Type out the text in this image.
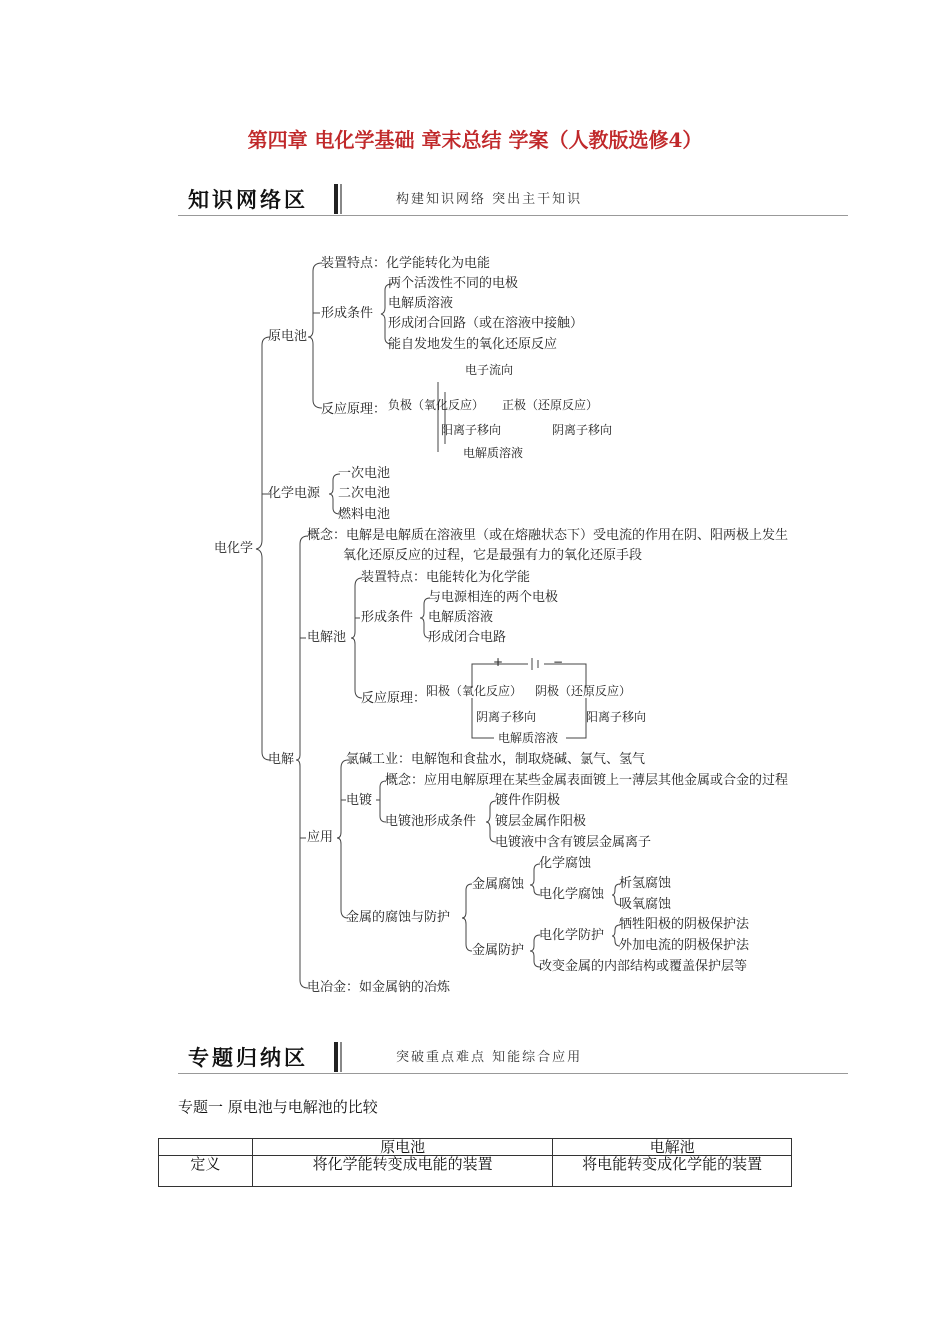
第四章 电化学基础 章末总结 学案（人教版选修4）
知识网络区	构建知识网络 突出主干知识
电化学
原电池
装置特点：化学能转化为电能
形成条件
两个活泼性不同的电极
电解质溶液
形成闭合回路（或在溶液中接触）
能自发地发生的氧化还原反应
反应原理：
电子流向
负极（氧化反应） 正极（还原反应）
阳离子移向	阴离子移向
电解质溶液
化学电源
一次电池
二次电池
燃料电池
电解
概念：电解是电解质在溶液里（或在熔融状态下）受电流的作用在阴、阳两极上发生
氧化还原反应的过程，它是最强有力的氧化还原手段
电解池
装置特点：电能转化为化学能
形成条件
与电源相连的两个电极
电解质溶液
形成闭合电路
反应原理：
+	−
阳极（氧化反应） 阴极（还原反应）
阴离子移向	阳离子移向
电解质溶液
应用
氯碱工业：电解饱和食盐水，制取烧碱、氯气、氢气
电镀
概念：应用电解原理在某些金属表面镀上一薄层其他金属或合金的过程
电镀池形成条件
镀件作阴极
镀层金属作阳极
电镀液中含有镀层金属离子
金属的腐蚀与防护
金属腐蚀
化学腐蚀
电化学腐蚀
析氢腐蚀
吸氧腐蚀
金属防护
电化学防护
牺牲阳极的阴极保护法
外加电流的阴极保护法
改变金属的内部结构或覆盖保护层等
电冶金：如金属钠的冶炼
专题归纳区	突破重点难点 知能综合应用
专题一 原电池与电解池的比较
	原电池	电解池
定义	将化学能转变成电能的装置	将电能转变成化学能的装置
